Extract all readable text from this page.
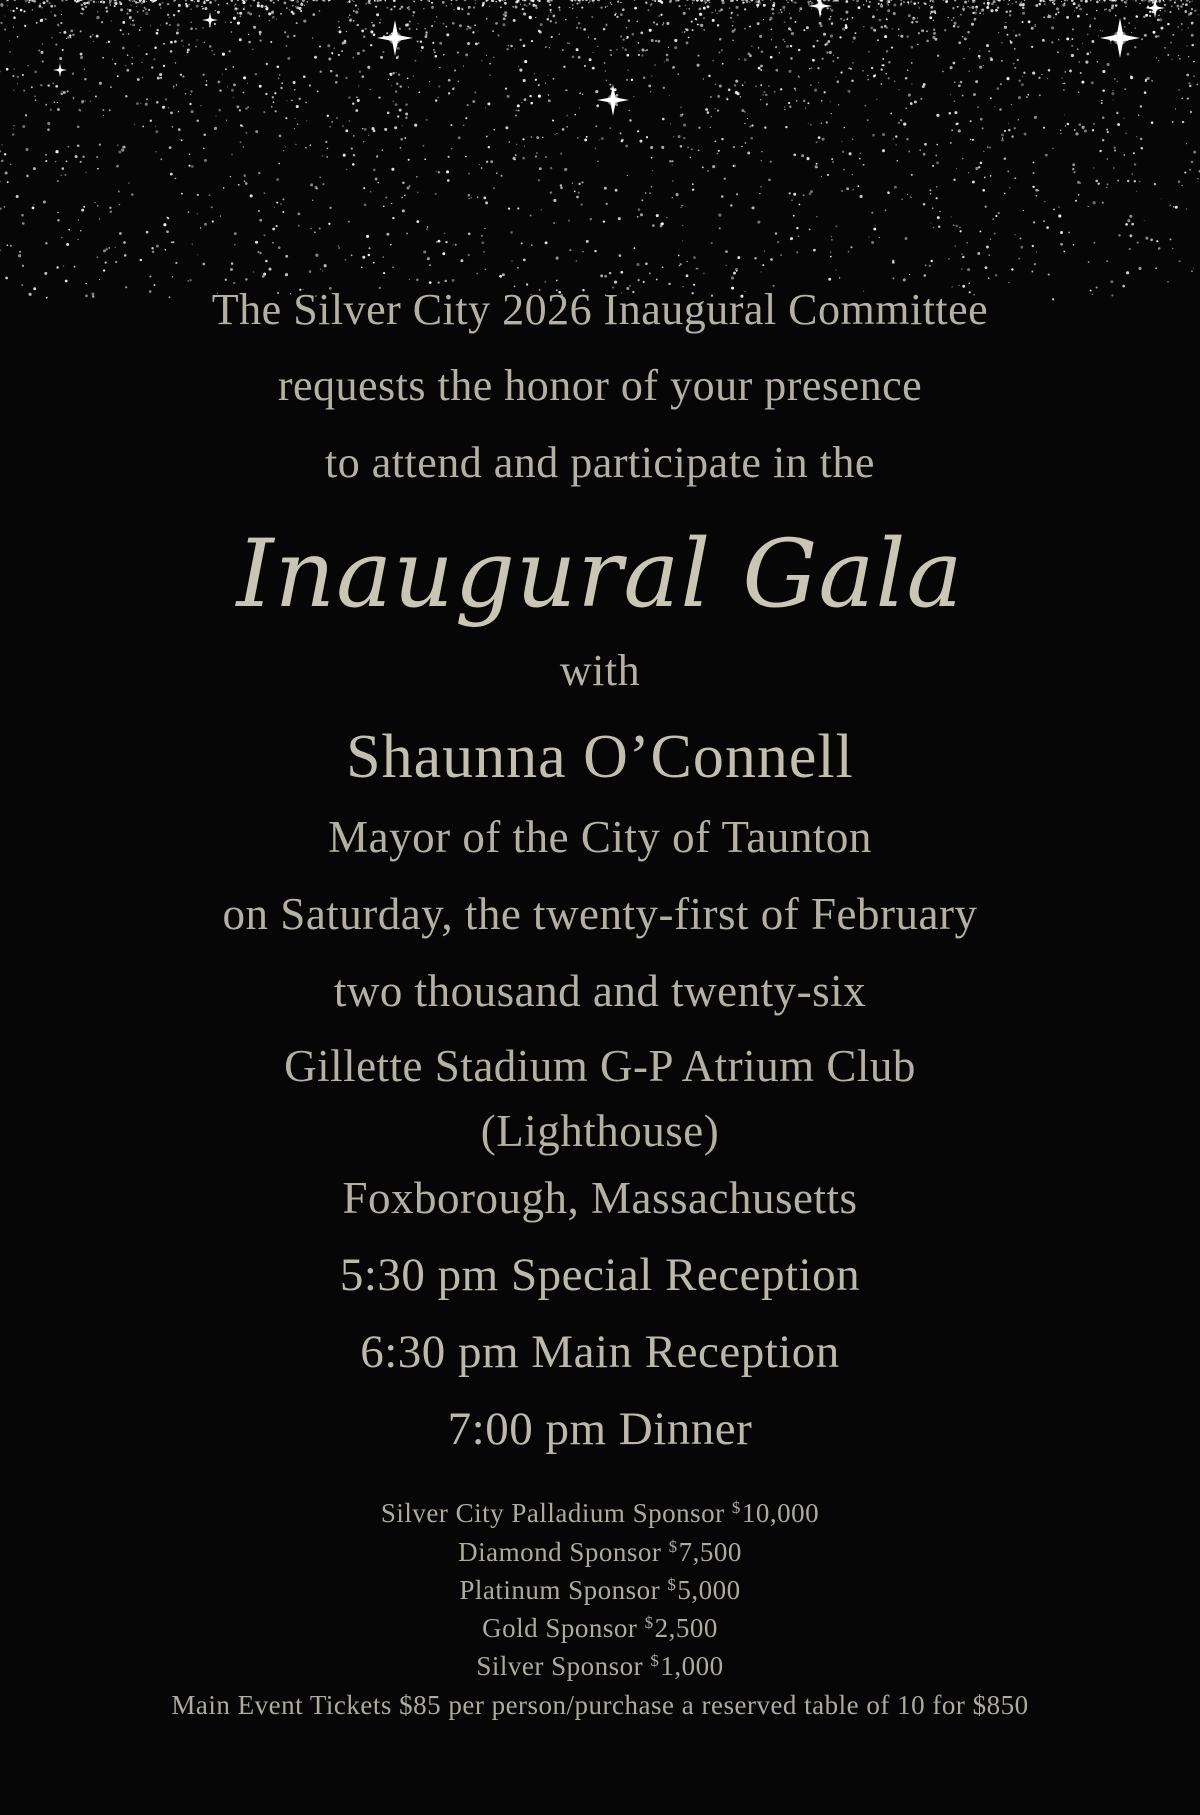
The Silver City 2026 Inaugural Committee
requests the honor of your presence
to attend and participate in the
Inaugural Gala
with
Shaunna O’Connell
Mayor of the City of Taunton
on Saturday, the twenty-first of February
two thousand and twenty-six
Gillette Stadium G-P Atrium Club
(Lighthouse)
Foxborough, Massachusetts
5:30 pm Special Reception
6:30 pm Main Reception
7:00 pm Dinner
Silver City Palladium Sponsor $10,000
Diamond Sponsor $7,500
Platinum Sponsor $5,000
Gold Sponsor $2,500
Silver Sponsor $1,000
Main Event Tickets $85 per person/purchase a reserved table of 10 for $850
